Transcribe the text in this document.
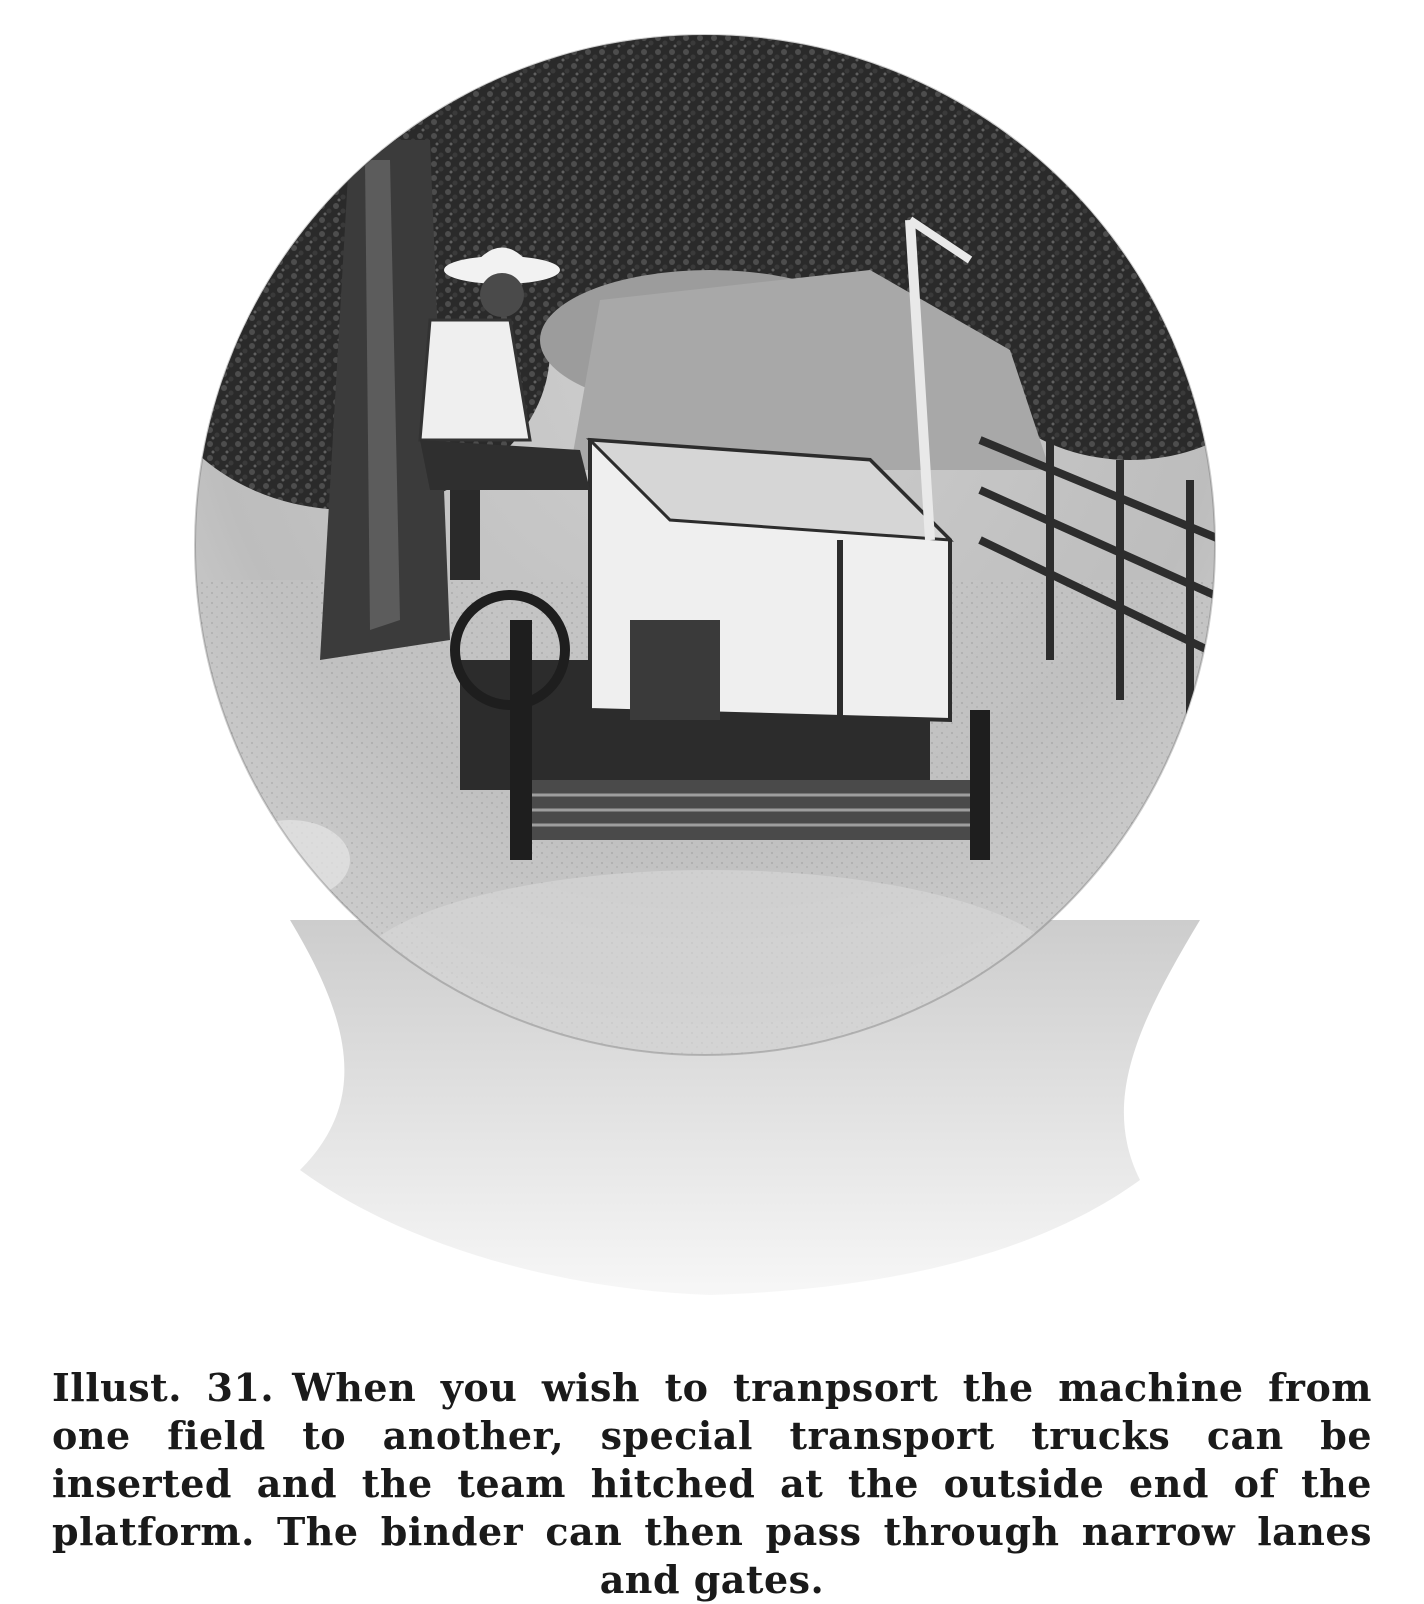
Illust. 31. When you wish to tranpsort the machine from one field to another, special transport trucks can be inserted and the team hitched at the outside end of the platform. The binder can then pass through narrow lanes and gates.
